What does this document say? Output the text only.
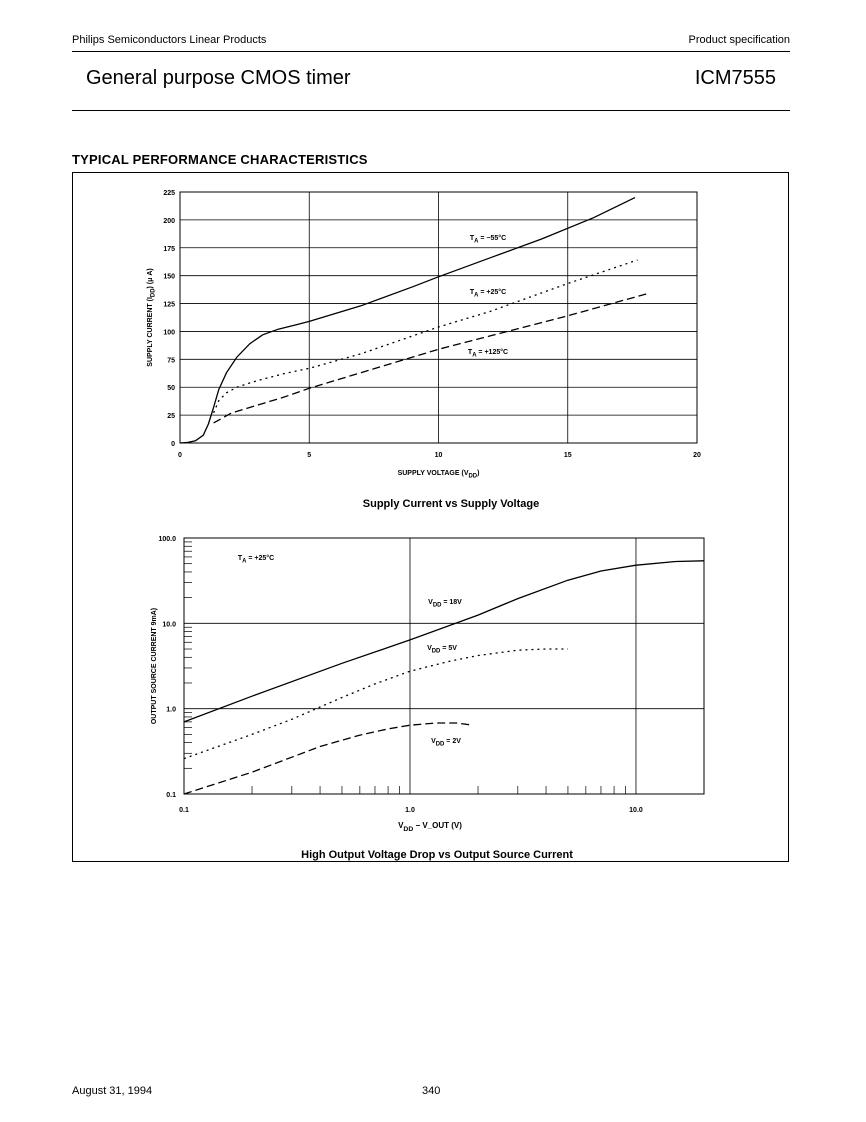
Philips Semiconductors Linear Products	Product specification
General purpose CMOS timer	ICM7555
TYPICAL PERFORMANCE CHARACTERISTICS
0
25
50
75
100
125
150
175
200
225
0	5	10	15	20
SUPPLY VOLTAGE $(V_{DD})$
SUPPLY CURRENT $(I_{DD})$ (μ A)
Supply Current vs Supply Voltage
$T_A = -55^\circ C$
$T_A = +25^\circ C$
$T_A = +125^\circ C$
0.1
1.0
10.0
100.0
0.1	1.0	10.0
$V_{DD}$ − V_OUT (V)
OUTPUT SOURCE CURRENT 9mA)
High Output Voltage Drop vs Output Source Current
$T_A = +25^\circ C$
$V_{DD} = 18V$
$V_{DD} = 5V$
$V_{DD} = 2V$
August 31, 1994	340
